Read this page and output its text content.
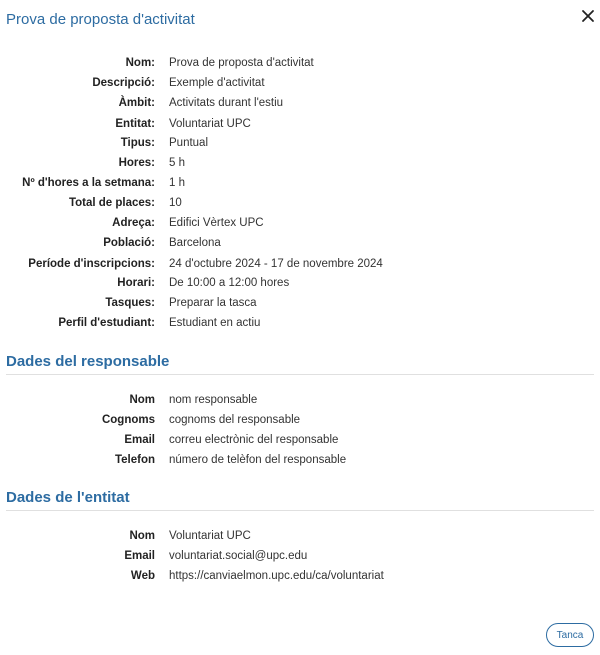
Prova de proposta d'activitat
Nom: Prova de proposta d'activitat
Descripció: Exemple d'activitat
Àmbit: Activitats durant l'estiu
Entitat: Voluntariat UPC
Tipus: Puntual
Hores: 5 h
Nº d'hores a la setmana: 1 h
Total de places: 10
Adreça: Edifici Vèrtex UPC
Població: Barcelona
Període d'inscripcions: 24 d'octubre 2024 - 17 de novembre 2024
Horari: De 10:00 a 12:00 hores
Tasques: Preparar la tasca
Perfil d'estudiant: Estudiant en actiu
Dades del responsable
Nom nom responsable
Cognoms cognoms del responsable
Email correu electrònic del responsable
Telefon número de telèfon del responsable
Dades de l'entitat
Nom Voluntariat UPC
Email voluntariat.social@upc.edu
Web https://canviaelmon.upc.edu/ca/voluntariat
Tanca
